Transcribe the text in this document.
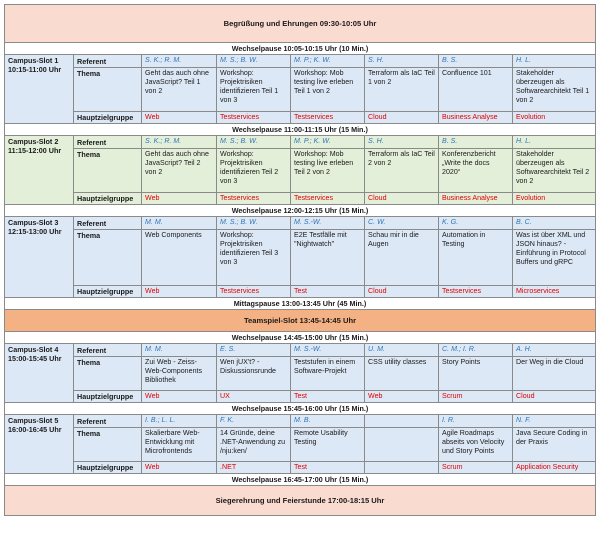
Begrüßung und Ehrungen 09:30-10:05 Uhr							
Wechselpause 10:05-10:15 Uhr (10 Min.)							
Campus-Slot 1
10:15-11:00 Uhr	Referent	S. K.; R. M.	M. S.; B. W.	M. P.; K. W.	S. H.	B. S.	H. L.
	Thema	Geht das auch ohne JavaScript? Teil 1 von 2	Workshop: Projektrisiken identifizieren Teil 1 von 3	Workshop: Mob testing live erleben Teil 1 von 2	Terraform als IaC Teil 1 von 2	Confluence 101	Stakeholder überzeugen als Softwarearchitekt Teil 1 von 2
	Hauptzielgruppe	Web	Testservices	Testservices	Cloud	Business Analyse	Evolution
Wechselpause 11:00-11:15 Uhr (15 Min.)							
Campus-Slot 2
11:15-12:00 Uhr	Referent	S. K.; R. M.	M. S.; B. W.	M. P.; K. W.	S. H.	B. S.	H. L.
	Thema	Geht das auch ohne JavaScript? Teil 2 von 2	Workshop: Projektrisiken identifizieren Teil 2 von 3	Workshop: Mob testing live erleben Teil 2 von 2	Terraform als IaC Teil 2 von 2	Konferenzbericht „Write the docs 2020“	Stakeholder überzeugen als Softwarearchitekt Teil 2 von 2
	Hauptzielgruppe	Web	Testservices	Testservices	Cloud	Business Analyse	Evolution
Wechselpause 12:00-12:15 Uhr (15 Min.)							
Campus-Slot 3
12:15-13:00 Uhr	Referent	M. M.	M. S.; B. W.	M. S.-W.	C. W.	K. G.	B. C.
	Thema	Web Components	Workshop: Projektrisiken identifizieren Teil 3 von 3	E2E Testfälle mit "Nightwatch"	Schau mir in die Augen	Automation in Testing	Was ist über XML und JSON hinaus? - Einführung in Protocol Buffers und gRPC
	Hauptzielgruppe	Web	Testservices	Test	Cloud	Testservices	Microservices
Mittagspause 13:00-13:45 Uhr (45 Min.)							
Teamspiel-Slot 13:45-14:45 Uhr							
Wechselpause 14:45-15:00 Uhr (15 Min.)							
Campus-Slot 4
15:00-15:45 Uhr	Referent	M. M.	E. S.	M. S.-W.	U. M.	C. M.; I. R.	A. H.
	Thema	Zui Web - Zeiss-Web-Components Bibliothek	Wen jUX't? - Diskussionsrunde	Teststufen in einem Software-Projekt	CSS utility classes	Story Points	Der Weg in die Cloud
	Hauptzielgruppe	Web	UX	Test	Web	Scrum	Cloud
Wechselpause 15:45-16:00 Uhr (15 Min.)							
Campus-Slot 5
16:00-16:45 Uhr	Referent	I. B.; L. L.	F. K.	M. B.		I. R.	N. F.
	Thema	Skalierbare Web-Entwicklung mit Microfrontends	14 Gründe, deine .NET-Anwendung zu /nju:ken/	Remote Usability Testing		Agile Roadmaps abseits von Velocity und Story Points	Java Secure Coding in der Praxis
	Hauptzielgruppe	Web	.NET	Test		Scrum	Application Security
Wechselpause 16:45-17:00 Uhr (15 Min.)							
Siegerehrung und Feierstunde 17:00-18:15 Uhr							
